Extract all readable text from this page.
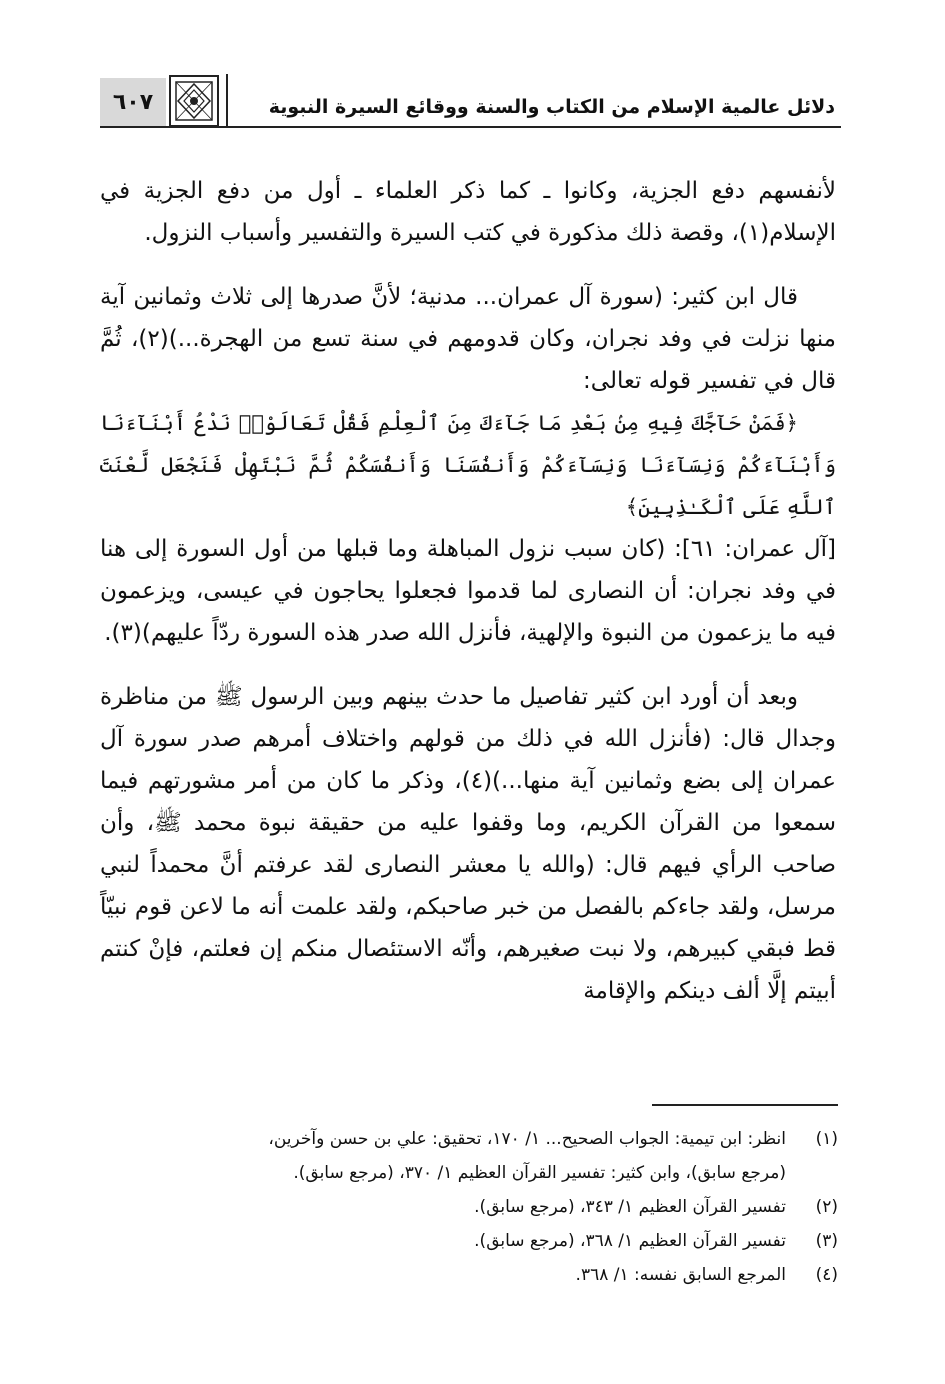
٦٠٧	دلائل عالمية الإسلام من الكتاب والسنة ووقائع السيرة النبوية

لأنفسهم دفع الجزية، وكانوا ـ كما ذكر العلماء ـ أول من دفع الجزية في الإسلام(١)، وقصة ذلك مذكورة في كتب السيرة والتفسير وأسباب النزول.

قال ابن كثير: (سورة آل عمران... مدنية؛ لأنَّ صدرها إلى ثلاث وثمانين آية منها نزلت في وفد نجران، وكان قدومهم في سنة تسع من الهجرة...)(٢)، ثُمَّ قال في تفسير قوله تعالى:
﴿فَمَنْ حَآجَّكَ فِيهِ مِنۢ بَعْدِ مَا جَآءَكَ مِنَ ٱلْعِلْمِ فَقُلْ تَعَالَوْا۟ نَدْعُ أَبْنَآءَنَا وَأَبْنَآءَكُمْ وَنِسَآءَنَا وَنِسَآءَكُمْ وَأَنفُسَنَا وَأَنفُسَكُمْ ثُمَّ نَبْتَهِلْ فَنَجْعَل لَّعْنَتَ ٱللَّهِ عَلَى ٱلْكَـٰذِبِينَ﴾
[آل عمران: ٦١]: (كان سبب نزول المباهلة وما قبلها من أول السورة إلى هنا في وفد نجران: أن النصارى لما قدموا فجعلوا يحاجون في عيسى، ويزعمون فيه ما يزعمون من النبوة والإلهية، فأنزل الله صدر هذه السورة ردّاً عليهم)(٣).

وبعد أن أورد ابن كثير تفاصيل ما حدث بينهم وبين الرسول ﷺ من مناظرة وجدال قال: (فأنزل الله في ذلك من قولهم واختلاف أمرهم صدر سورة آل عمران إلى بضع وثمانين آية منها...)(٤)، وذكر ما كان من أمر مشورتهم فيما سمعوا من القرآن الكريم، وما وقفوا عليه من حقيقة نبوة محمد ﷺ، وأن صاحب الرأي فيهم قال: (والله يا معشر النصارى لقد عرفتم أنَّ محمداً لنبي مرسل، ولقد جاءكم بالفصل من خبر صاحبكم، ولقد علمت أنه ما لاعن قوم نبيّاً قط فبقي كبيرهم، ولا نبت صغيرهم، وأنّه الاستئصال منكم إن فعلتم، فإنْ كنتم أبيتم إلَّا ألف دينكم والإقامة

(١)
انظر: ابن تيمية: الجواب الصحيح... ١/ ١٧٠، تحقيق: علي بن حسن وآخرين،
(مرجع سابق)، وابن كثير: تفسير القرآن العظيم ١/ ٣٧٠، (مرجع سابق).
(٢)
تفسير القرآن العظيم ١/ ٣٤٣، (مرجع سابق).
(٣)
تفسير القرآن العظيم ١/ ٣٦٨، (مرجع سابق).
(٤)
المرجع السابق نفسه: ١/ ٣٦٨.
